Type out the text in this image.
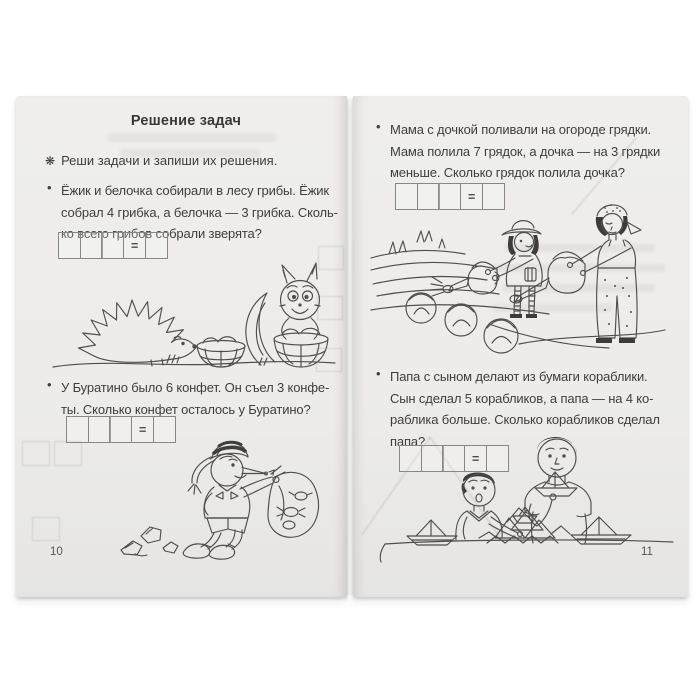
Решение задач
❋ Реши задачи и запиши их решения.
• Ёжик и белочка собирали в лесу грибы. Ёжик
собрал 4 грибка, а белочка — 3 грибка. Сколь-
ко всего грибов собрали зверята?
=
• У Буратино было 6 конфет. Он съел 3 конфе-
ты. Сколько конфет осталось у Буратино?
=
10
• Мама с дочкой поливали на огороде грядки.
Мама полила 7 грядок, а дочка — на 3 грядки
меньше. Сколько грядок полила дочка?
=
• Папа с сыном делают из бумаги кораблики.
Сын сделал 5 корабликов, а папа — на 4 ко-
раблика больше. Сколько корабликов сделал
папа?
=
11
